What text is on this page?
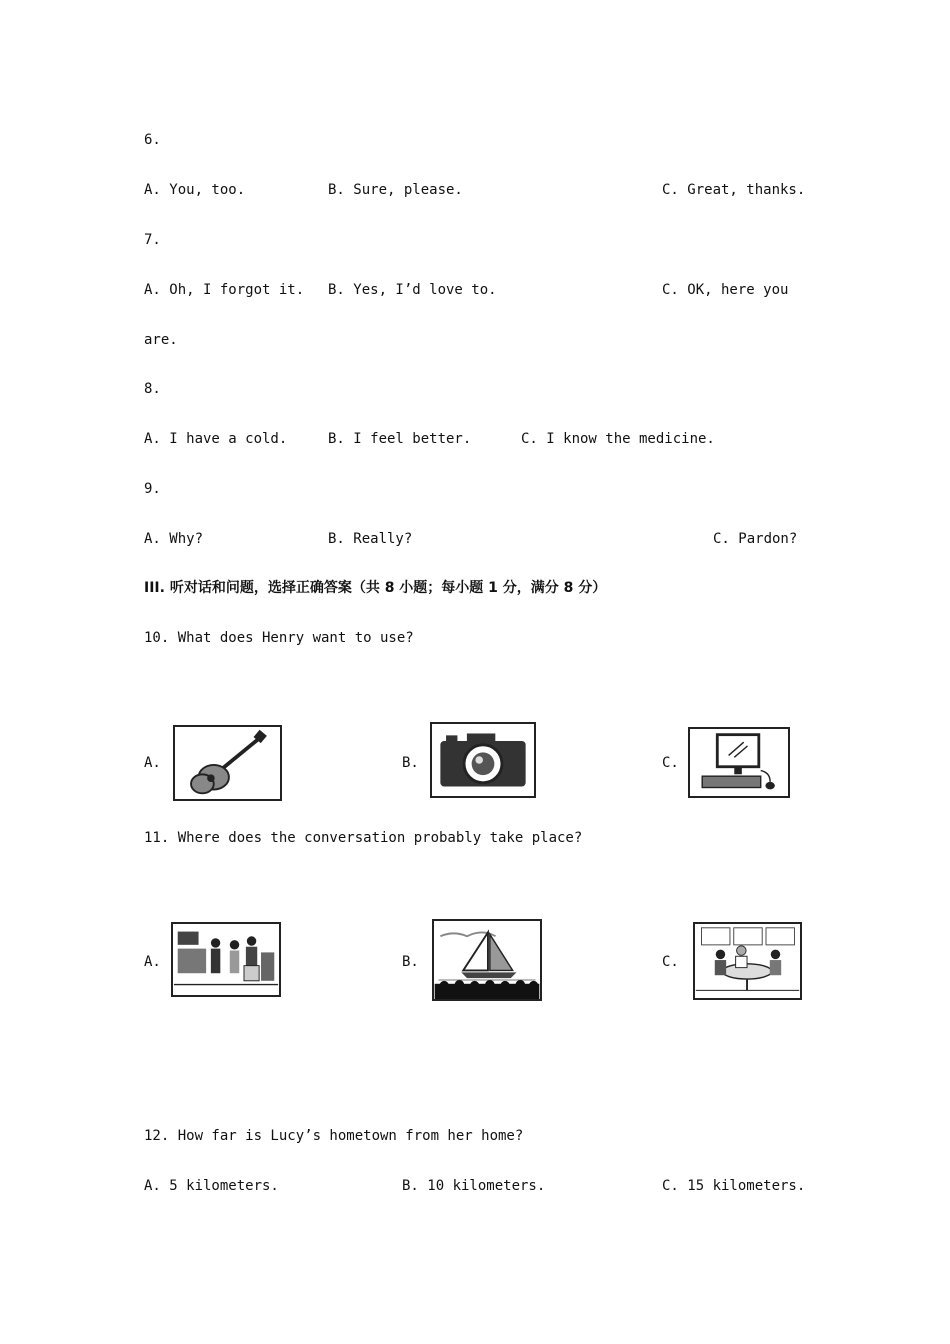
6.
A. You, too.	B. Sure, please.	C. Great, thanks.
7.
A. Oh, I forgot it. B. Yes, I’d love to.	C. OK, here you
are.
8.
A. I have a cold.	B. I feel better.	C. I know the medicine.
9.
A. Why?	B. Really?	C. Pardon?
III. 听对话和问题，选择正确答案（共 8 小题；每小题 1 分，满分 8 分）
10. What does Henry want to use?
A.	B.	C.
11. Where does the conversation probably take place?
A.	B.	C.
12. How far is Lucy’s hometown from her home?
A. 5 kilometers.	B. 10 kilometers.	C. 15 kilometers.
